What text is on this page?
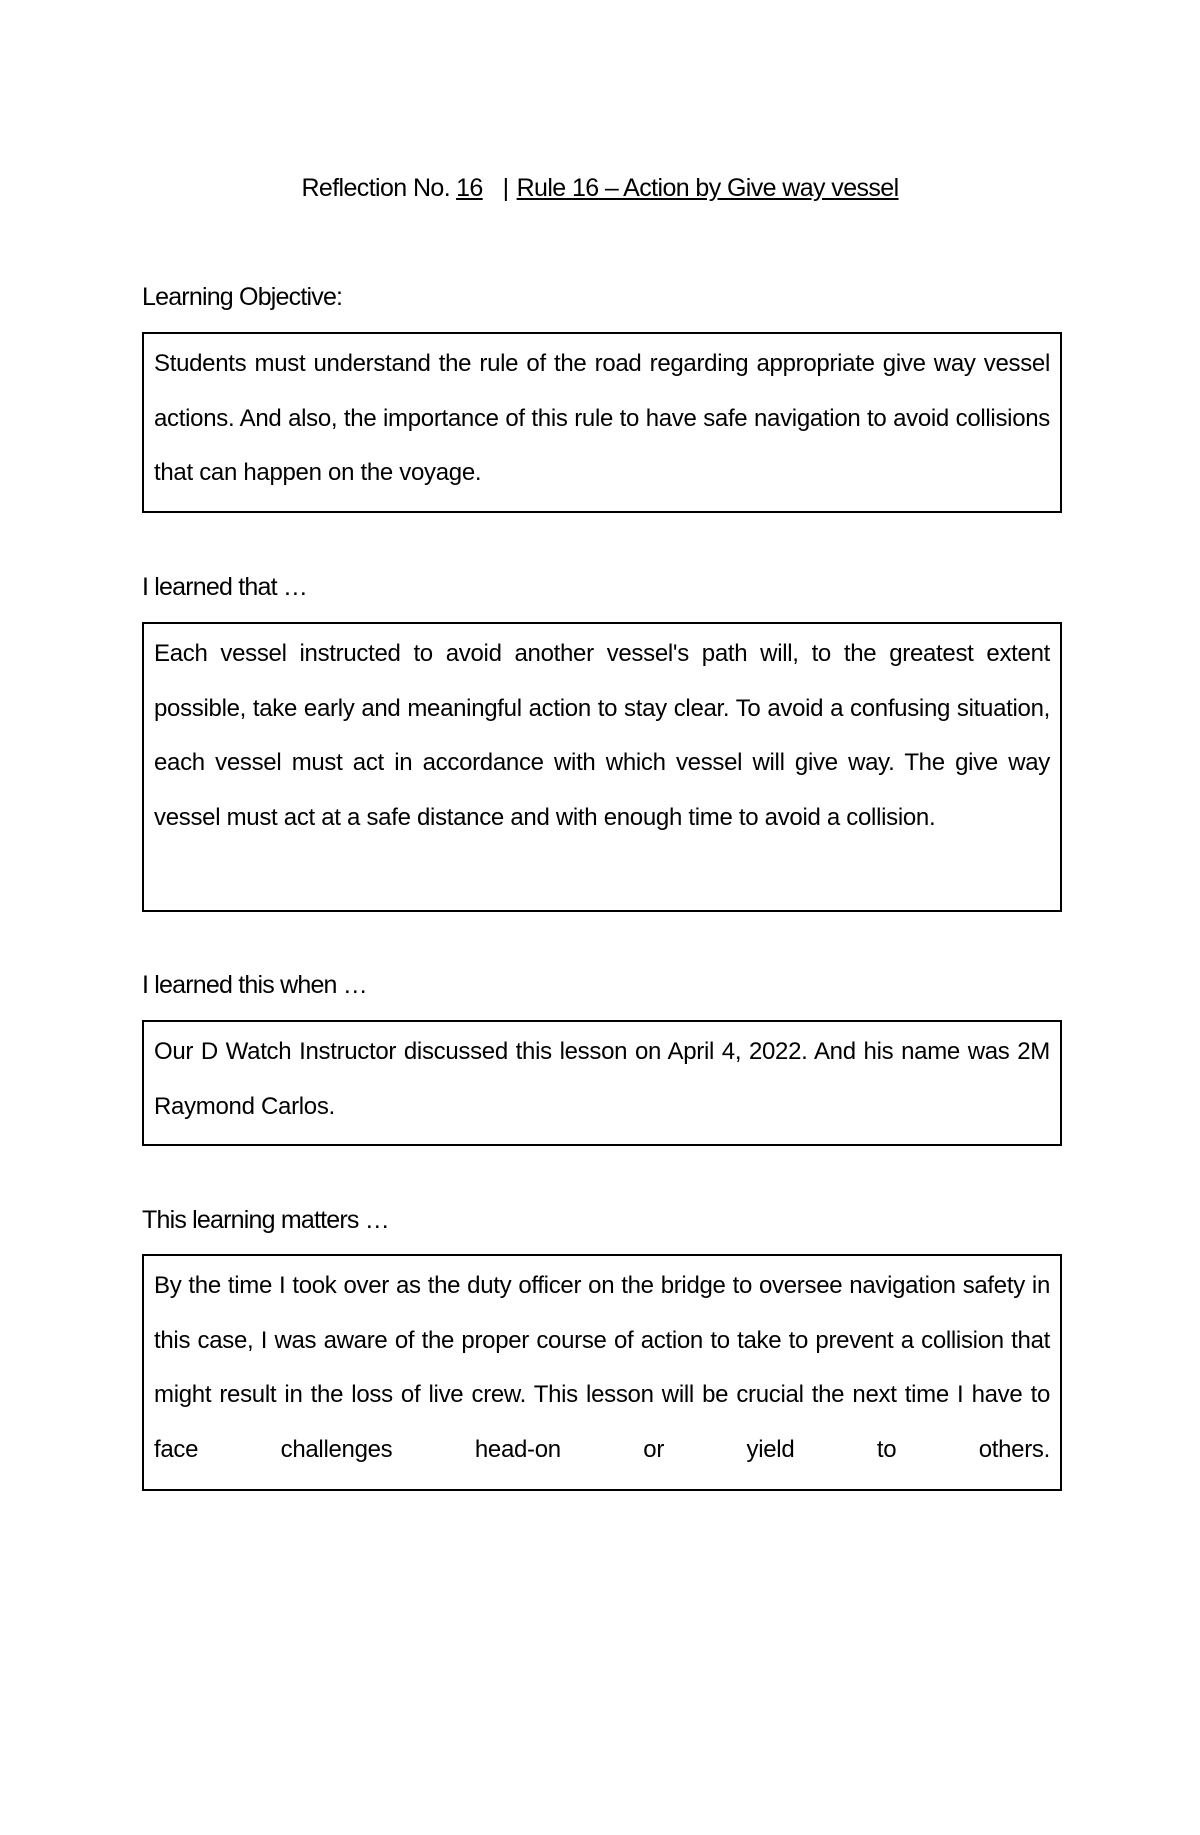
Reflection No. 16 | Rule 16 – Action by Give way vessel
Learning Objective:

Students must understand the rule of the road regarding appropriate give way vessel actions. And also, the importance of this rule to have safe navigation to avoid collisions that can happen on the voyage.

I learned that …

Each vessel instructed to avoid another vessel's path will, to the greatest extent possible, take early and meaningful action to stay clear. To avoid a confusing situation, each vessel must act in accordance with which vessel will give way. The give way vessel must act at a safe distance and with enough time to avoid a collision.

I learned this when …

Our D Watch Instructor discussed this lesson on April 4, 2022. And his name was 2M Raymond Carlos.

This learning matters …

By the time I took over as the duty officer on the bridge to oversee navigation safety in this case, I was aware of the proper course of action to take to prevent a collision that might result in the loss of live crew. This lesson will be crucial the next time I have to face challenges head-on or yield to others.
